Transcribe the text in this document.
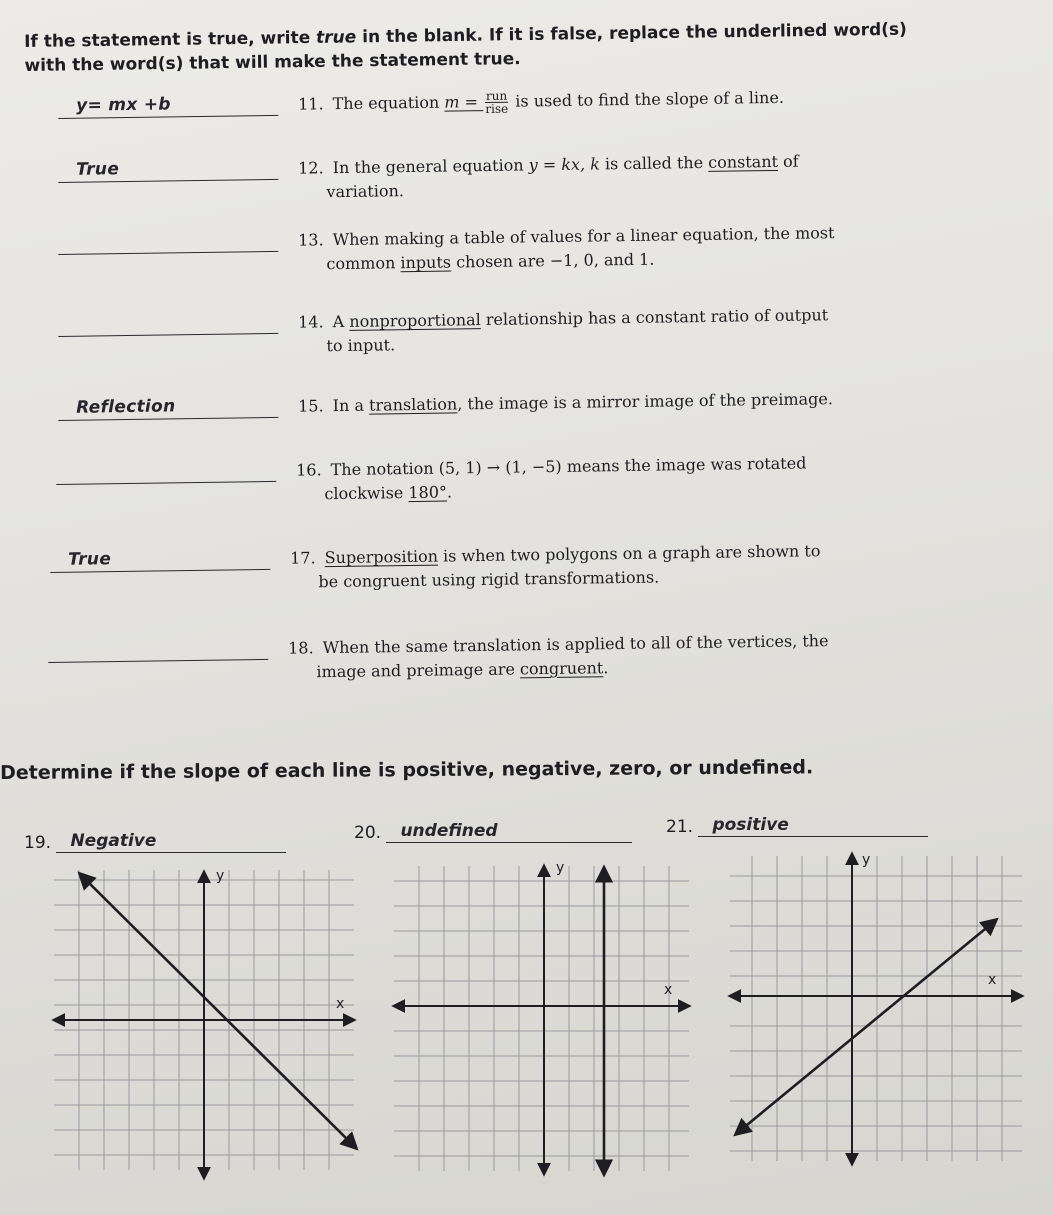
If the statement is true, write true in the blank. If it is false, replace the underlined word(s) with the word(s) that will make the statement true.
y= mx +b	11. The equation $m = \frac{\text{run}}{\text{rise}}$ is used to find the slope of a line.
True	12. In the general equation y = kx, k is called the constant of
variation.
13. When making a table of values for a linear equation, the most
common inputs chosen are −1, 0, and 1.
14. A nonproportional relationship has a constant ratio of output
to input.
Reflection	15. In a translation, the image is a mirror image of the preimage.
16. The notation (5, 1) → (1, −5) means the image was rotated
clockwise 180°.
True	17. Superposition is when two polygons on a graph are shown to
be congruent using rigid transformations.
18. When the same translation is applied to all of the vertices, the
image and preimage are congruent.
Determine if the slope of each line is positive, negative, zero, or undefined.
19. Negative	20. undefined	21. positive
x
y
x
y
x
y
